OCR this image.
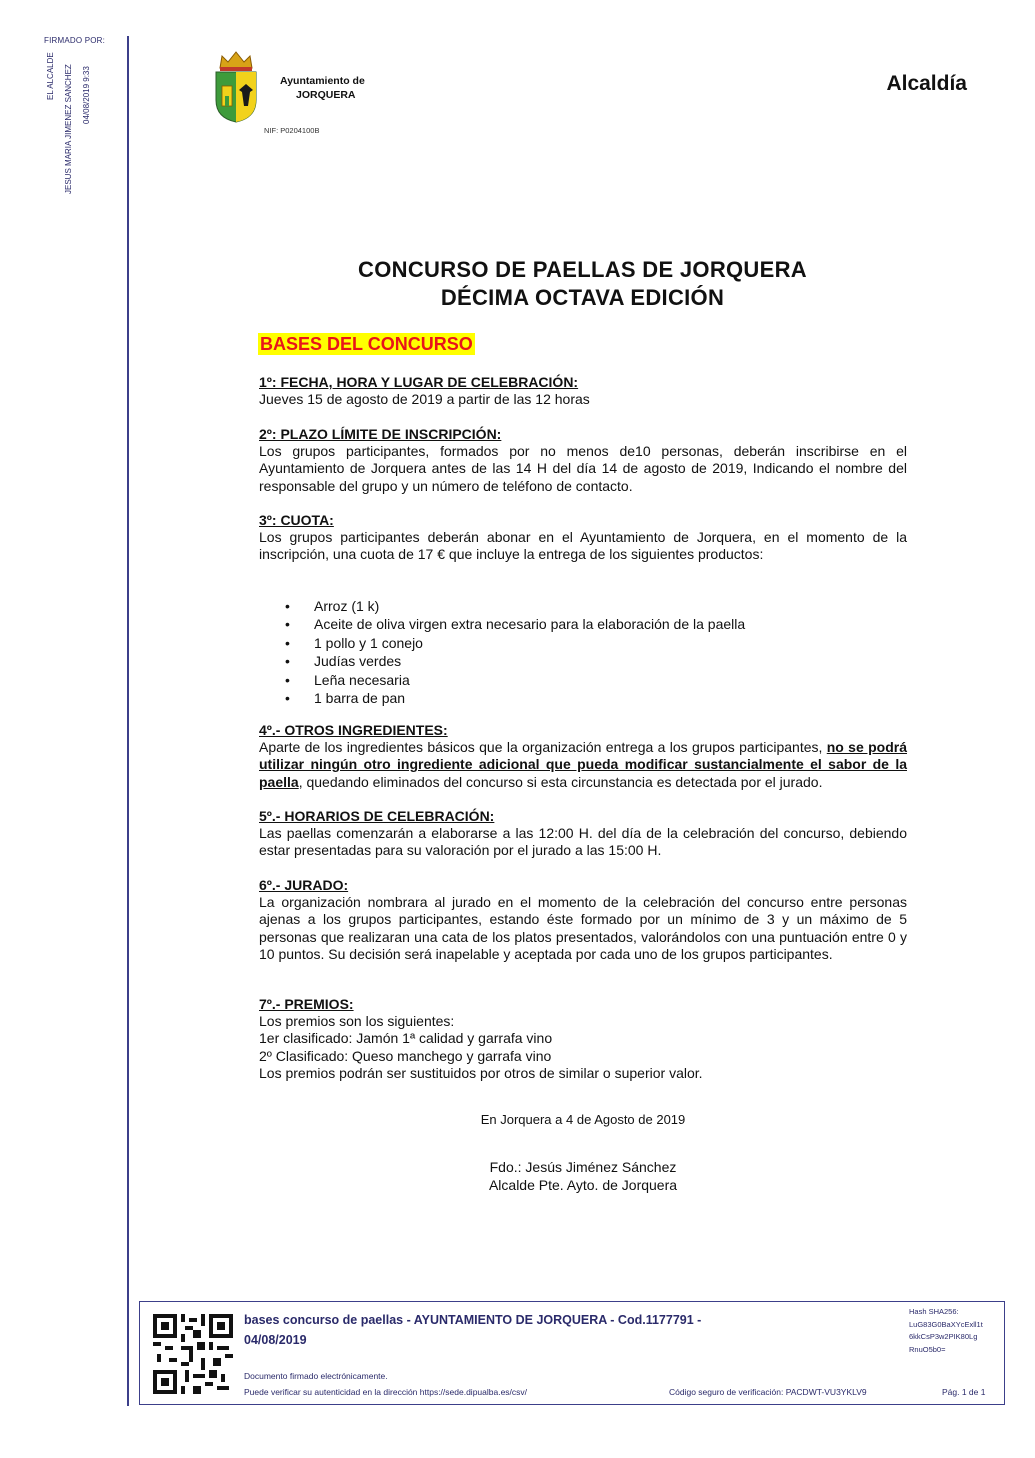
FIRMADO POR:
EL ALCALDE JESUS MARIA JIMENEZ SANCHEZ 04/08/2019 9:33	Ayuntamiento de
JORQUERA
NIF: P0204100B
Alcaldía
CONCURSO DE PAELLAS DE JORQUERA
DÉCIMA OCTAVA EDICIÓN
BASES DEL CONCURSO

1º: FECHA, HORA Y LUGAR DE CELEBRACIÓN:

Jueves 15 de agosto de 2019 a partir de las 12 horas

2º: PLAZO LÍMITE DE INSCRIPCIÓN:

Los grupos participantes, formados por no menos de10 personas, deberán inscribirse en el Ayuntamiento de Jorquera antes de las 14 H del día 14 de agosto de 2019, Indicando el nombre del responsable del grupo y un número de teléfono de contacto.

3º: CUOTA:

Los grupos participantes deberán abonar en el Ayuntamiento de Jorquera, en el momento de la inscripción, una cuota de 17 € que incluye la entrega de los siguientes productos:

• Arroz (1 k)
• Aceite de oliva virgen extra necesario para la elaboración de la paella
• 1 pollo y 1 conejo
• Judías verdes
• Leña necesaria
• 1 barra de pan

4º.- OTROS INGREDIENTES:

Aparte de los ingredientes básicos que la organización entrega a los grupos participantes, no se podrá utilizar ningún otro ingrediente adicional que pueda modificar sustancialmente el sabor de la paella, quedando eliminados del concurso si esta circunstancia es detectada por el jurado.

5º.- HORARIOS DE CELEBRACIÓN:

Las paellas comenzarán a elaborarse a las 12:00 H. del día de la celebración del concurso, debiendo estar presentadas para su valoración por el jurado a las 15:00 H.

6º.- JURADO:

La organización nombrara al jurado en el momento de la celebración del concurso entre personas ajenas a los grupos participantes, estando éste formado por un mínimo de 3 y un máximo de 5 personas que realizaran una cata de los platos presentados, valorándolos con una puntuación entre 0 y 10 puntos. Su decisión será inapelable y aceptada por cada uno de los grupos participantes.

7º.- PREMIOS:

Los premios son los siguientes:

1er clasificado: Jamón 1ª calidad y garrafa vino

2º Clasificado: Queso manchego y garrafa vino

Los premios podrán ser sustituidos por otros de similar o superior valor.

En Jorquera a 4 de Agosto de 2019
Fdo.: Jesús Jiménez Sánchez
Alcalde Pte. Ayto. de Jorquera
bases concurso de paellas - AYUNTAMIENTO DE JORQUERA - Cod.1177791 -
04/08/2019
Documento firmado electrónicamente.
Puede verificar su autenticidad en la dirección https://sede.dipualba.es/csv/	Código seguro de verificación: PACDWT-VU3YKLV9	Pág. 1 de 1
Hash SHA256:
LuG83G0BaXYcExll1t
6kkCsP3w2PIK80Lg
RnuO5b0=
